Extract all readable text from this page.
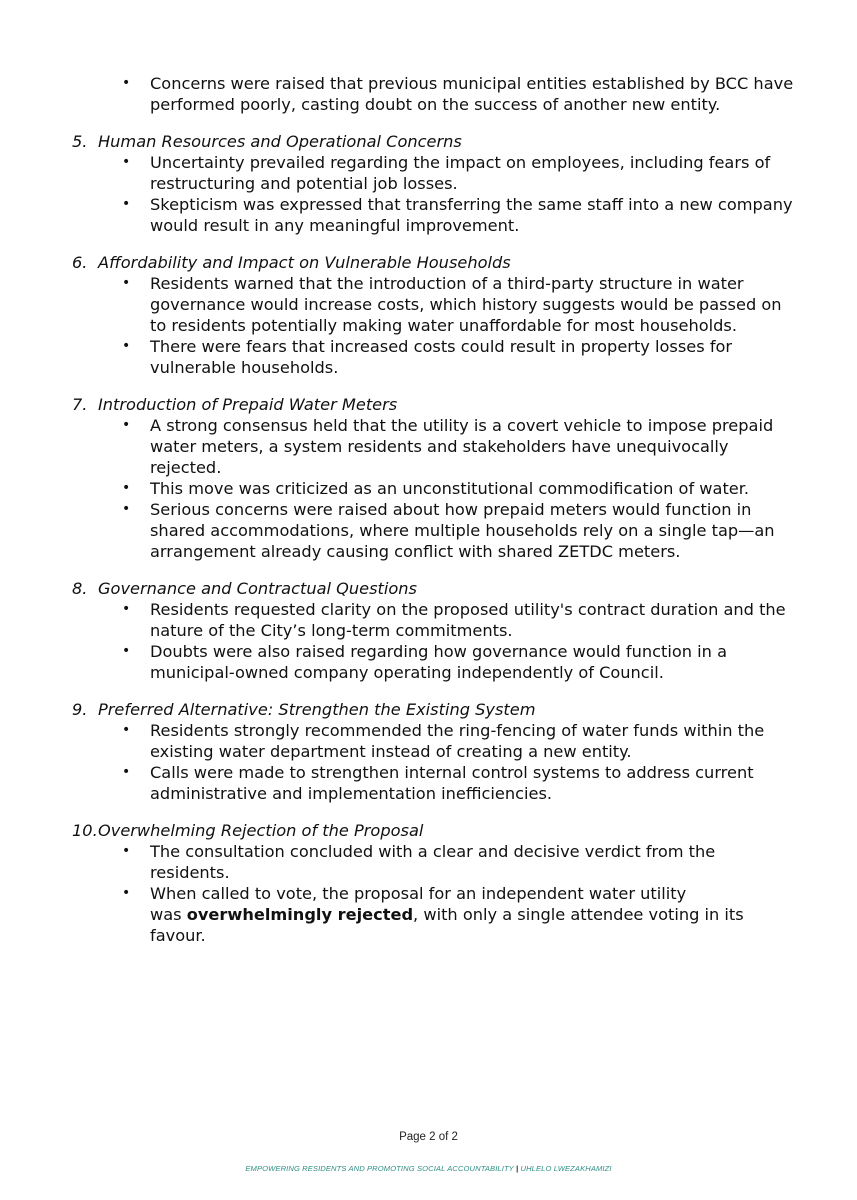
• Concerns were raised that previous municipal entities established by BCC have performed poorly, casting doubt on the success of another new entity.

5. Human Resources and Operational Concerns

• Uncertainty prevailed regarding the impact on employees, including fears of restructuring and potential job losses.

• Skepticism was expressed that transferring the same staff into a new company would result in any meaningful improvement.

6. Affordability and Impact on Vulnerable Households

• Residents warned that the introduction of a third-party structure in water governance would increase costs, which history suggests would be passed on to residents potentially making water unaffordable for most households.

• There were fears that increased costs could result in property losses for vulnerable households.

7. Introduction of Prepaid Water Meters

• A strong consensus held that the utility is a covert vehicle to impose prepaid water meters, a system residents and stakeholders have unequivocally rejected.

• This move was criticized as an unconstitutional commodification of water.

• Serious concerns were raised about how prepaid meters would function in shared accommodations, where multiple households rely on a single tap—an arrangement already causing conflict with shared ZETDC meters.

8. Governance and Contractual Questions

• Residents requested clarity on the proposed utility's contract duration and the nature of the City’s long-term commitments.

• Doubts were also raised regarding how governance would function in a municipal-owned company operating independently of Council.

9. Preferred Alternative: Strengthen the Existing System

• Residents strongly recommended the ring-fencing of water funds within the existing water department instead of creating a new entity.

• Calls were made to strengthen internal control systems to address current administrative and implementation inefficiencies.

10. Overwhelming Rejection of the Proposal

• The consultation concluded with a clear and decisive verdict from the residents.

• When called to vote, the proposal for an independent water utility
was overwhelmingly rejected, with only a single attendee voting in its favour.

Page 2 of 2
EMPOWERING RESIDENTS AND PROMOTING SOCIAL ACCOUNTABILITY | UHLELO LWEZAKHAMIZI
